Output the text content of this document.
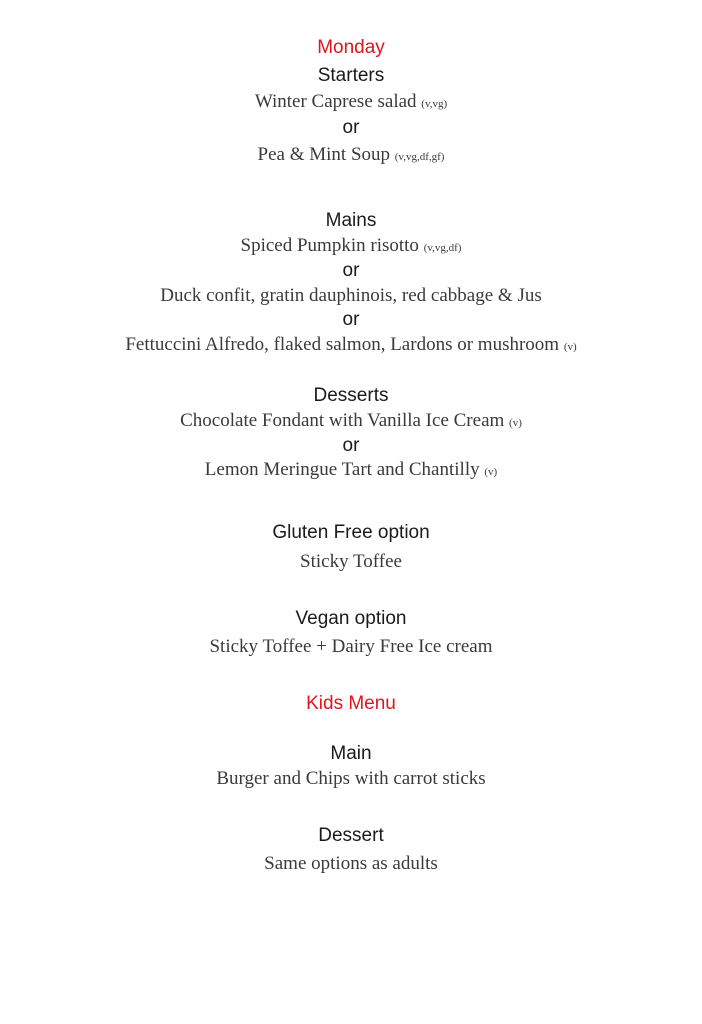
Monday
Starters
Winter Caprese salad (v,vg)
or
Pea & Mint Soup (v,vg,df,gf)
Mains
Spiced Pumpkin risotto (v,vg,df)
or
Duck confit, gratin dauphinois, red cabbage & Jus
or
Fettuccini Alfredo, flaked salmon, Lardons or mushroom (v)
Desserts
Chocolate Fondant with Vanilla Ice Cream (v)
or
Lemon Meringue Tart and Chantilly (v)
Gluten Free option
Sticky Toffee
Vegan option
Sticky Toffee + Dairy Free Ice cream
Kids Menu
Main
Burger and Chips with carrot sticks
Dessert
Same options as adults
